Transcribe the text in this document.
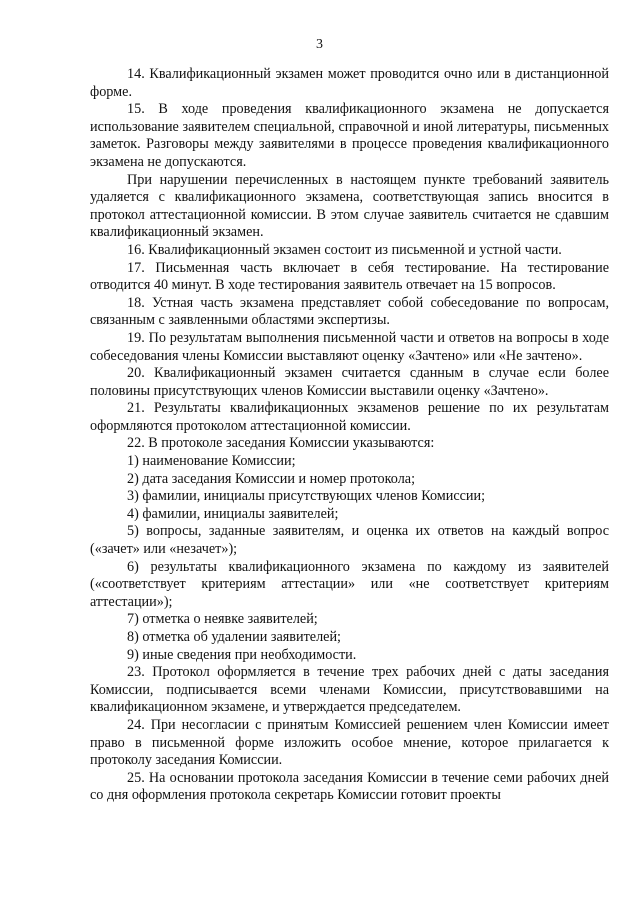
3

14. Квалификационный экзамен может проводится очно или в дистанционной форме.

15. В ходе проведения квалификационного экзамена не допускается использование заявителем специальной, справочной и иной литературы, письменных заметок. Разговоры между заявителями в процессе проведения квалификационного экзамена не допускаются.

При нарушении перечисленных в настоящем пункте требований заявитель удаляется с квалификационного экзамена, соответствующая запись вносится в протокол аттестационной комиссии. В этом случае заявитель считается не сдавшим квалификационный экзамен.

16. Квалификационный экзамен состоит из письменной и устной части.

17. Письменная часть включает в себя тестирование. На тестирование отводится 40 минут. В ходе тестирования заявитель отвечает на 15 вопросов.

18. Устная часть экзамена представляет собой собеседование по вопросам, связанным с заявленными областями экспертизы.

19. По результатам выполнения письменной части и ответов на вопросы в ходе собеседования члены Комиссии выставляют оценку «Зачтено» или «Не зачтено».

20. Квалификационный экзамен считается сданным в случае если более половины присутствующих членов Комиссии выставили оценку «Зачтено».

21. Результаты квалификационных экзаменов решение по их результатам оформляются протоколом аттестационной комиссии.

22. В протоколе заседания Комиссии указываются:

1) наименование Комиссии;

2) дата заседания Комиссии и номер протокола;

3) фамилии, инициалы присутствующих членов Комиссии;

4) фамилии, инициалы заявителей;

5) вопросы, заданные заявителям, и оценка их ответов на каждый вопрос («зачет» или «незачет»);

6) результаты квалификационного экзамена по каждому из заявителей («соответствует критериям аттестации» или «не соответствует критериям аттестации»);

7) отметка о неявке заявителей;

8) отметка об удалении заявителей;

9) иные сведения при необходимости.

23. Протокол оформляется в течение трех рабочих дней с даты заседания Комиссии, подписывается всеми членами Комиссии, присутствовавшими на квалификационном экзамене, и утверждается председателем.

24. При несогласии с принятым Комиссией решением член Комиссии имеет право в письменной форме изложить особое мнение, которое прилагается к протоколу заседания Комиссии.

25. На основании протокола заседания Комиссии в течение семи рабочих дней со дня оформления протокола секретарь Комиссии готовит проекты
